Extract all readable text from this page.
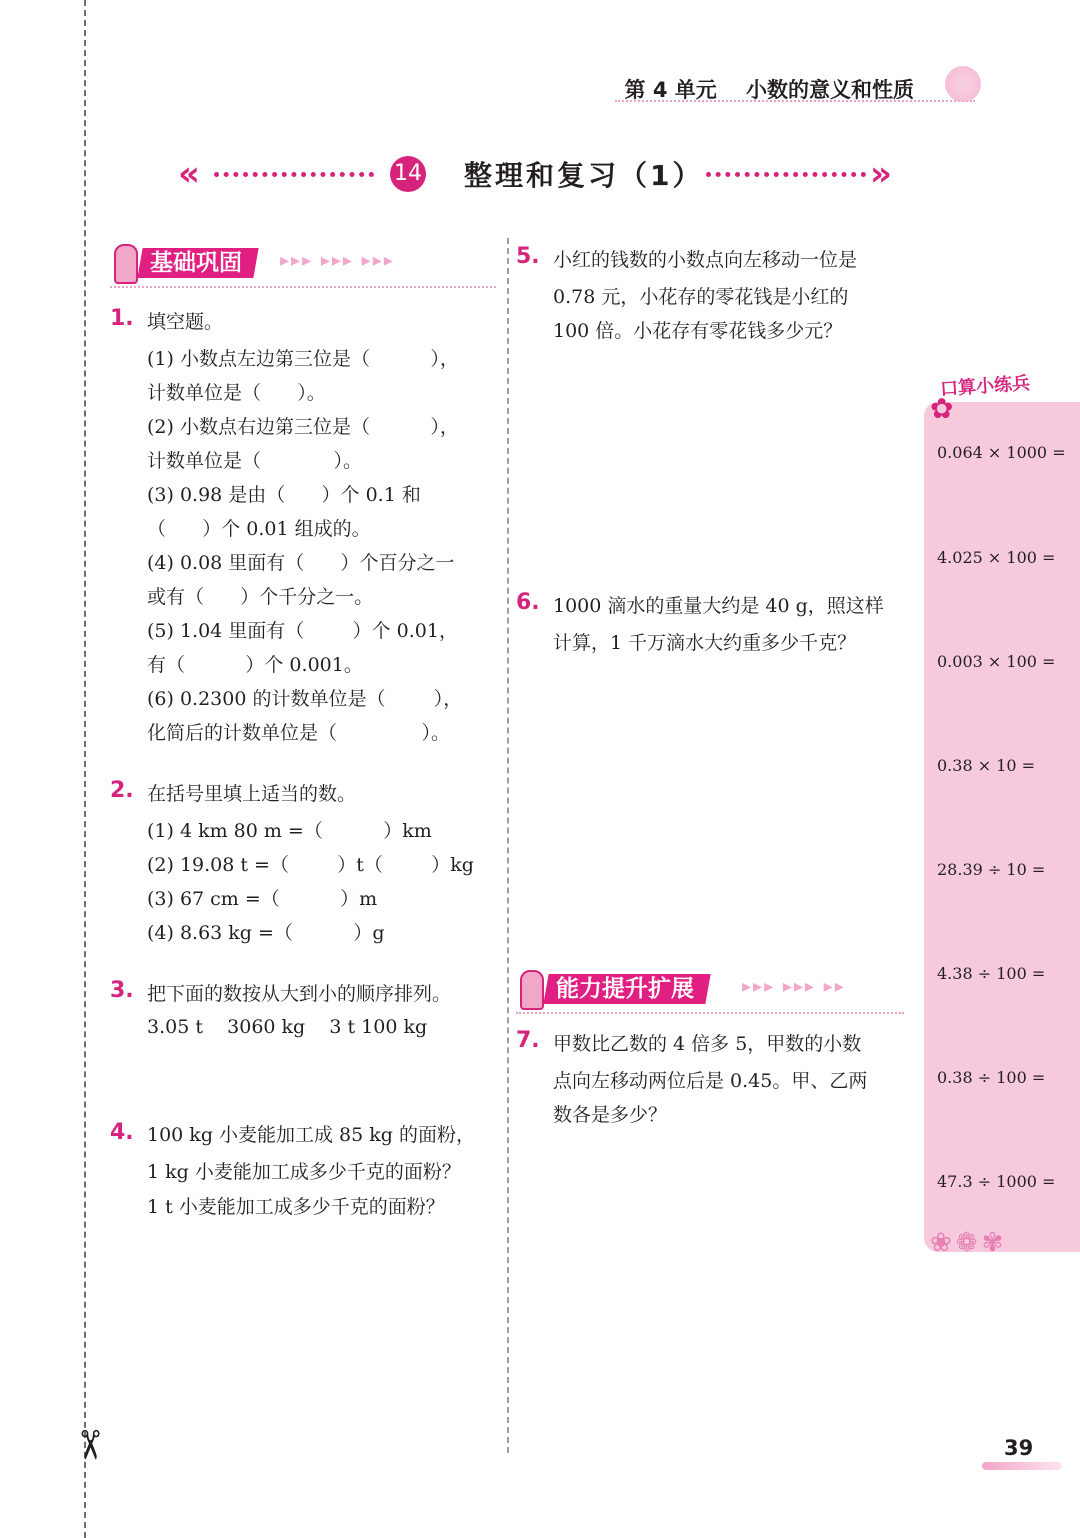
✂
第 4 单元    小数的意义和性质
«	14 整理和复习（1）	»
基础巩固	▸▸▸ ▸▸▸ ▸▸▸
1. 填空题。
(1) 小数点左边第三位是（          ），
计数单位是（      ）。
(2) 小数点右边第三位是（          ），
计数单位是（            ）。
(3) 0.98 是由（      ）个 0.1 和
（      ）个 0.01 组成的。
(4) 0.08 里面有（      ）个百分之一
或有（      ）个千分之一。
(5) 1.04 里面有（        ）个 0.01，
有（          ）个 0.001。
(6) 0.2300 的计数单位是（        ），
化简后的计数单位是（              ）。
2. 在括号里填上适当的数。
(1) 4 km 80 m =（          ）km
(2) 19.08 t =（        ）t（        ）kg
(3) 67 cm =（          ）m
(4) 8.63 kg =（          ）g
3. 把下面的数按从大到小的顺序排列。
3.05 t    3060 kg    3 t 100 kg
4. 100 kg 小麦能加工成 85 kg 的面粉，
1 kg 小麦能加工成多少千克的面粉？
1 t 小麦能加工成多少千克的面粉？
5. 小红的钱数的小数点向左移动一位是
0.78 元，小花存的零花钱是小红的
100 倍。小花存有零花钱多少元？
6. 1000 滴水的重量大约是 40 g，照这样
计算，1 千万滴水大约重多少千克？
能力提升扩展	▸▸▸ ▸▸▸ ▸▸
7. 甲数比乙数的 4 倍多 5，甲数的小数
点向左移动两位后是 0.45。甲、乙两
数各是多少？
口算小练兵
✿
0.064 × 1000 =
4.025 × 100 =
0.003 × 100 =
0.38 × 10 =
28.39 ÷ 10 =
4.38 ÷ 100 =
0.38 ÷ 100 =
47.3 ÷ 1000 =
❀❁✾
39
